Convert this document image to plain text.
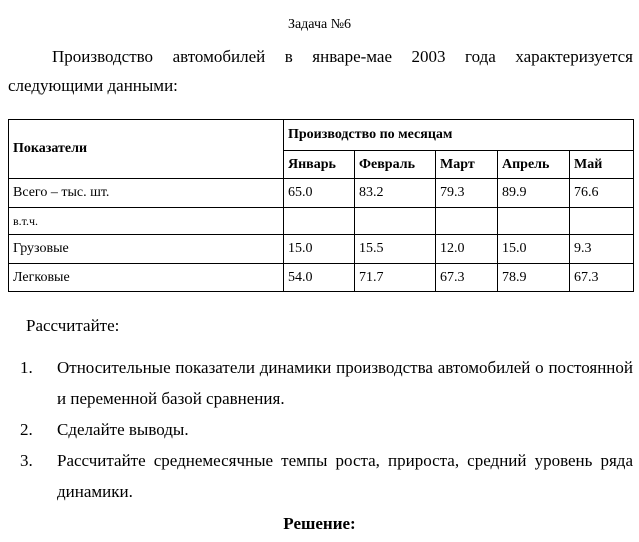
Задача №6
Производство автомобилей в январе-мае 2003 года характеризуется следующими данными:
Показатели	Производство по месяцам				
	Январь	Февраль	Март	Апрель	Май
Всего – тыс. шт.	65.0	83.2	79.3	89.9	76.6
в.т.ч.					
Грузовые	15.0	15.5	12.0	15.0	9.3
Легковые	54.0	71.7	67.3	78.9	67.3
Рассчитайте:
1. Относительные показатели динамики производства автомобилей о постоянной и переменной базой сравнения.
2. Сделайте выводы.
3. Рассчитайте среднемесячные темпы роста, прироста, средний уровень ряда динамики.
Решение:
